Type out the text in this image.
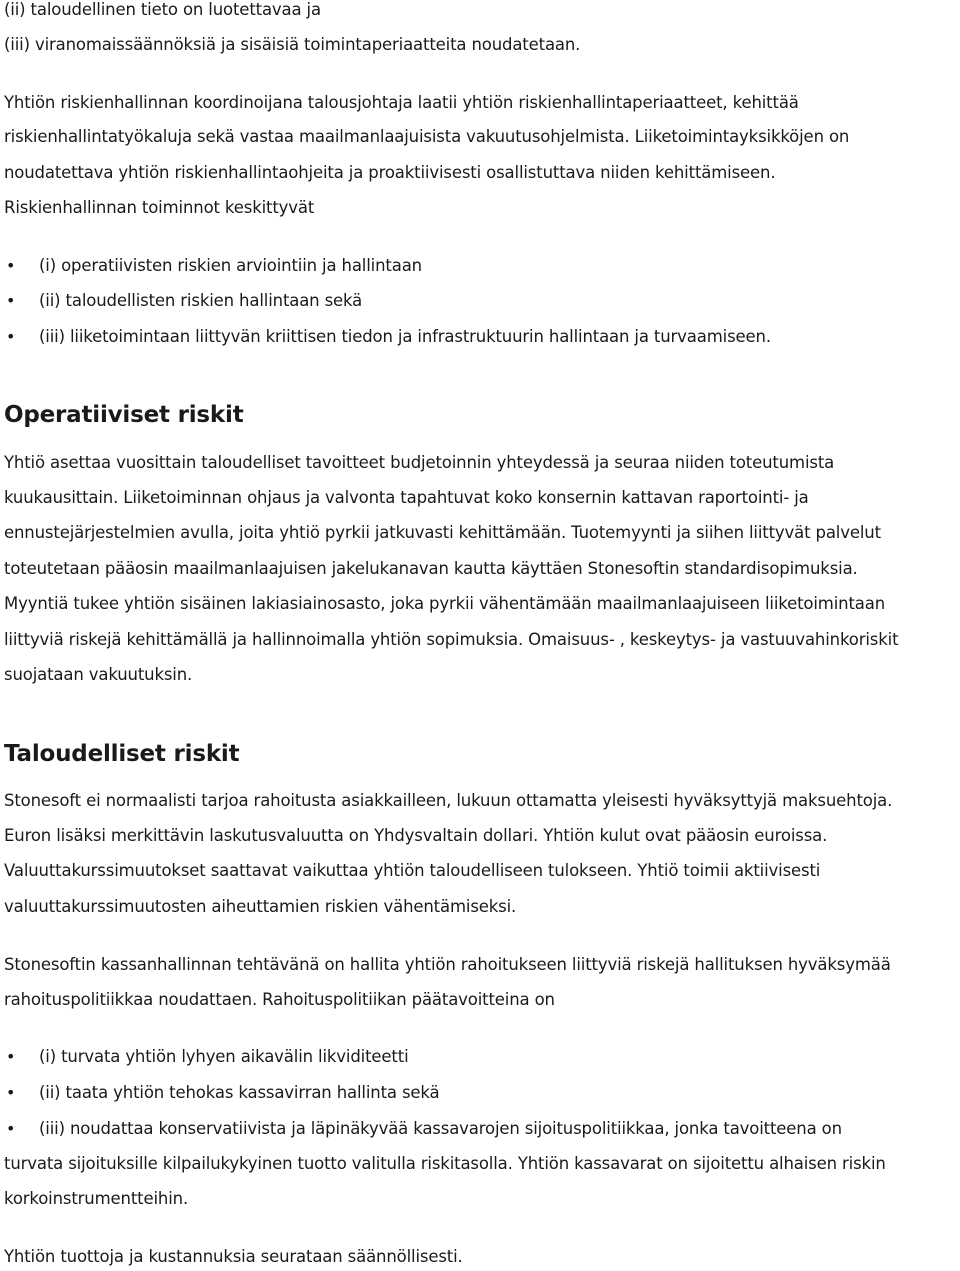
(ii) taloudellinen tieto on luotettavaa ja
(iii) viranomaissäännöksiä ja sisäisiä toimintaperiaatteita noudatetaan.
Yhtiön riskienhallinnan koordinoijana talousjohtaja laatii yhtiön riskienhallintaperiaatteet, kehittää
riskienhallintatyökaluja sekä vastaa maailmanlaajuisista vakuutusohjelmista. Liiketoimintayksikköjen on
noudatettava yhtiön riskienhallintaohjeita ja proaktiivisesti osallistuttava niiden kehittämiseen.
Riskienhallinnan toiminnot keskittyvät
• (i) operatiivisten riskien arviointiin ja hallintaan
• (ii) taloudellisten riskien hallintaan sekä
• (iii) liiketoimintaan liittyvän kriittisen tiedon ja infrastruktuurin hallintaan ja turvaamiseen.
Operatiiviset riskit
Yhtiö asettaa vuosittain taloudelliset tavoitteet budjetoinnin yhteydessä ja seuraa niiden toteutumista
kuukausittain. Liiketoiminnan ohjaus ja valvonta tapahtuvat koko konsernin kattavan raportointi- ja
ennustejärjestelmien avulla, joita yhtiö pyrkii jatkuvasti kehittämään. Tuotemyynti ja siihen liittyvät palvelut
toteutetaan pääosin maailmanlaajuisen jakelukanavan kautta käyttäen Stonesoftin standardisopimuksia.
Myyntiä tukee yhtiön sisäinen lakiasiainosasto, joka pyrkii vähentämään maailmanlaajuiseen liiketoimintaan
liittyviä riskejä kehittämällä ja hallinnoimalla yhtiön sopimuksia. Omaisuus- , keskeytys- ja vastuuvahinkoriskit
suojataan vakuutuksin.
Taloudelliset riskit
Stonesoft ei normaalisti tarjoa rahoitusta asiakkailleen, lukuun ottamatta yleisesti hyväksyttyjä maksuehtoja.
Euron lisäksi merkittävin laskutusvaluutta on Yhdysvaltain dollari. Yhtiön kulut ovat pääosin euroissa.
Valuuttakurssimuutokset saattavat vaikuttaa yhtiön taloudelliseen tulokseen. Yhtiö toimii aktiivisesti
valuuttakurssimuutosten aiheuttamien riskien vähentämiseksi.
Stonesoftin kassanhallinnan tehtävänä on hallita yhtiön rahoitukseen liittyviä riskejä hallituksen hyväksymää
rahoituspolitiikkaa noudattaen. Rahoituspolitiikan päätavoitteina on
• (i) turvata yhtiön lyhyen aikavälin likviditeetti
• (ii) taata yhtiön tehokas kassavirran hallinta sekä
• (iii) noudattaa konservatiivista ja läpinäkyvää kassavarojen sijoituspolitiikkaa, jonka tavoitteena on
turvata sijoituksille kilpailukykyinen tuotto valitulla riskitasolla. Yhtiön kassavarat on sijoitettu alhaisen riskin
korkoinstrumentteihin.
Yhtiön tuottoja ja kustannuksia seurataan säännöllisesti.
